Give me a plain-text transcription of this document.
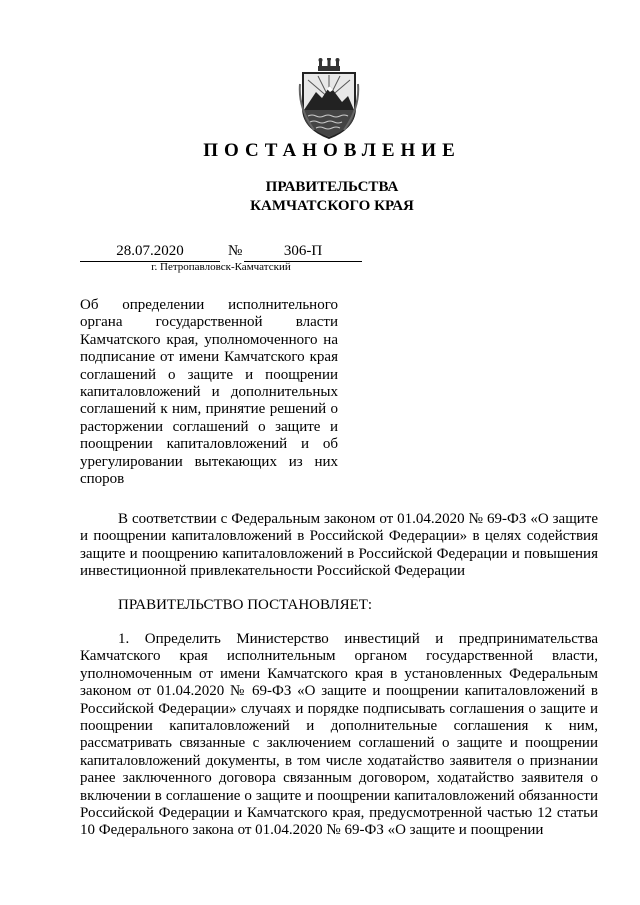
ПОСТАНОВЛЕНИЕ
ПРАВИТЕЛЬСТВА
КАМЧАТСКОГО КРАЯ
28.07.2020	№	306-П
г. Петропавловск-Камчатский
Об определении исполнительного органа государственной власти Камчатского края, уполномоченного на подписание от имени Камчатского края соглашений о защите и поощрении капиталовложений и дополнительных соглашений к ним, принятие решений о расторжении соглашений о защите и поощрении капиталовложений и об урегулировании вытекающих из них споров
В соответствии с Федеральным законом от 01.04.2020 № 69-ФЗ «О защите и поощрении капиталовложений в Российской Федерации» в целях содействия защите и поощрению капиталовложений в Российской Федерации и повышения инвестиционной привлекательности Российской Федерации
ПРАВИТЕЛЬСТВО ПОСТАНОВЛЯЕТ:
1. Определить Министерство инвестиций и предпринимательства Камчатского края исполнительным органом государственной власти, уполномоченным от имени Камчатского края в установленных Федеральным законом от 01.04.2020 № 69-ФЗ «О защите и поощрении капиталовложений в Российской Федерации» случаях и порядке подписывать соглашения о защите и поощрении капиталовложений и дополнительные соглашения к ним, рассматривать связанные с заключением соглашений о защите и поощрении капиталовложений документы, в том числе ходатайство заявителя о признании ранее заключенного договора связанным договором, ходатайство заявителя о включении в соглашение о защите и поощрении капиталовложений обязанности Российской Федерации и Камчатского края, предусмотренной частью 12 статьи 10 Федерального закона от 01.04.2020 № 69-ФЗ «О защите и поощрении
